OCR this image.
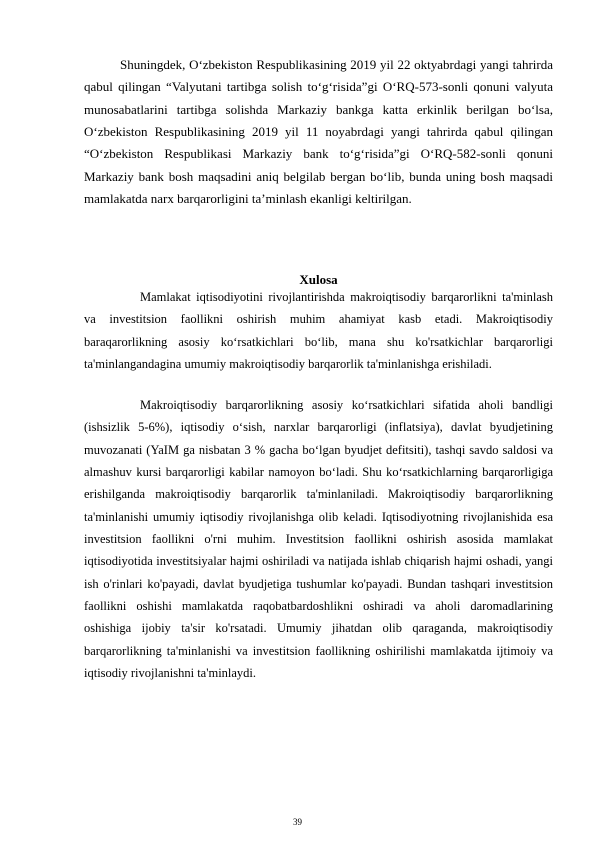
Shuningdek, O‘zbekiston Respublikasining 2019 yil 22 oktyabrdagi yangi tahrirda qabul qilingan “Valyutani tartibga solish to‘g‘risida”gi O‘RQ-573-sonli qonuni valyuta munosabatlarini tartibga solishda Markaziy bankga katta erkinlik berilgan bo‘lsa, O‘zbekiston Respublikasining 2019 yil 11 noyabrdagi yangi tahrirda qabul qilingan “O‘zbekiston Respublikasi Markaziy bank to‘g‘risida”gi O‘RQ-582-sonli qonuni Markaziy bank bosh maqsadini aniq belgilab bergan bo‘lib, bunda uning bosh maqsadi mamlakatda narx barqarorligini ta’minlash ekanligi keltirilgan.

Xulosa

Mamlakat iqtisodiyotini rivojlantirishda makroiqtisodiy barqarorlikni ta'minlash va investitsion faollikni oshirish muhim ahamiyat kasb etadi. Makroiqtisodiy baraqarorlikning asosiy ko‘rsatkichlari bo‘lib, mana shu ko'rsatkichlar barqarorligi ta'minlangandagina umumiy makroiqtisodiy barqarorlik ta'minlanishga erishiladi.

Makroiqtisodiy barqarorlikning asosiy ko‘rsatkichlari sifatida aholi bandligi (ishsizlik 5-6%), iqtisodiy o‘sish, narxlar barqarorligi (inflatsiya), davlat byudjetining muvozanati (YaIM ga nisbatan 3 % gacha bo‘lgan byudjet defitsiti), tashqi savdo saldosi va almashuv kursi barqarorligi kabilar namoyon bo‘ladi. Shu ko‘rsatkichlarning barqarorligiga erishilganda makroiqtisodiy barqarorlik ta'minlaniladi. Makroiqtisodiy barqarorlikning ta'minlanishi umumiy iqtisodiy rivojlanishga olib keladi. Iqtisodiyotning rivojlanishida esa investitsion faollikni o'rni muhim. Investitsion faollikni oshirish asosida mamlakat iqtisodiyotida investitsiyalar hajmi oshiriladi va natijada ishlab chiqarish hajmi oshadi, yangi ish o'rinlari ko'payadi, davlat byudjetiga tushumlar ko'payadi. Bundan tashqari investitsion faollikni oshishi mamlakatda raqobatbardoshlikni oshiradi va aholi daromadlarining oshishiga ijobiy ta'sir ko'rsatadi. Umumiy jihatdan olib qaraganda, makroiqtisodiy barqarorlikning ta'minlanishi va investitsion faollikning oshirilishi mamlakatda ijtimoiy va iqtisodiy rivojlanishni ta'minlaydi.

39
